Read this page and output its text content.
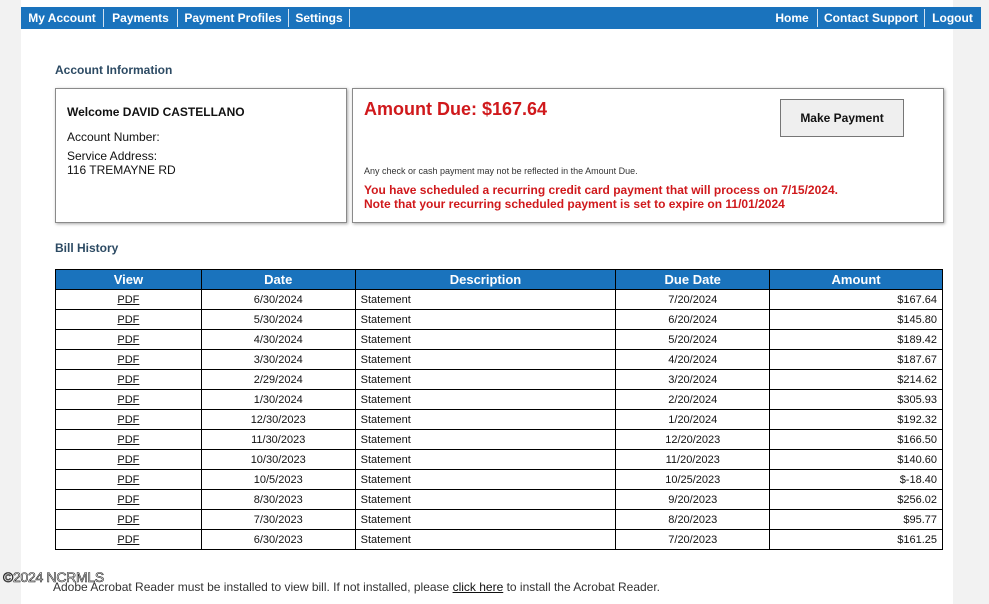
My Account	Payments	Payment Profiles	Settings	Home	Contact Support	Logout
Account Information
Welcome DAVID CASTELLANO
Account Number:
Service Address:
116 TREMAYNE RD
Amount Due: $167.64	Make Payment
Any check or cash payment may not be reflected in the Amount Due.
You have scheduled a recurring credit card payment that will process on 7/15/2024.
Note that your recurring scheduled payment is set to expire on 11/01/2024
Bill History
View	Date	Description	Due Date	Amount
PDF	6/30/2024	Statement	7/20/2024	$167.64
PDF	5/30/2024	Statement	6/20/2024	$145.80
PDF	4/30/2024	Statement	5/20/2024	$189.42
PDF	3/30/2024	Statement	4/20/2024	$187.67
PDF	2/29/2024	Statement	3/20/2024	$214.62
PDF	1/30/2024	Statement	2/20/2024	$305.93
PDF	12/30/2023	Statement	1/20/2024	$192.32
PDF	11/30/2023	Statement	12/20/2023	$166.50
PDF	10/30/2023	Statement	11/20/2023	$140.60
PDF	10/5/2023	Statement	10/25/2023	$-18.40
PDF	8/30/2023	Statement	9/20/2023	$256.02
PDF	7/30/2023	Statement	8/20/2023	$95.77
PDF	6/30/2023	Statement	7/20/2023	$161.25
Adobe Acrobat Reader must be installed to view bill. If not installed, please click here to install the Acrobat Reader.
©2024 NCRMLS
